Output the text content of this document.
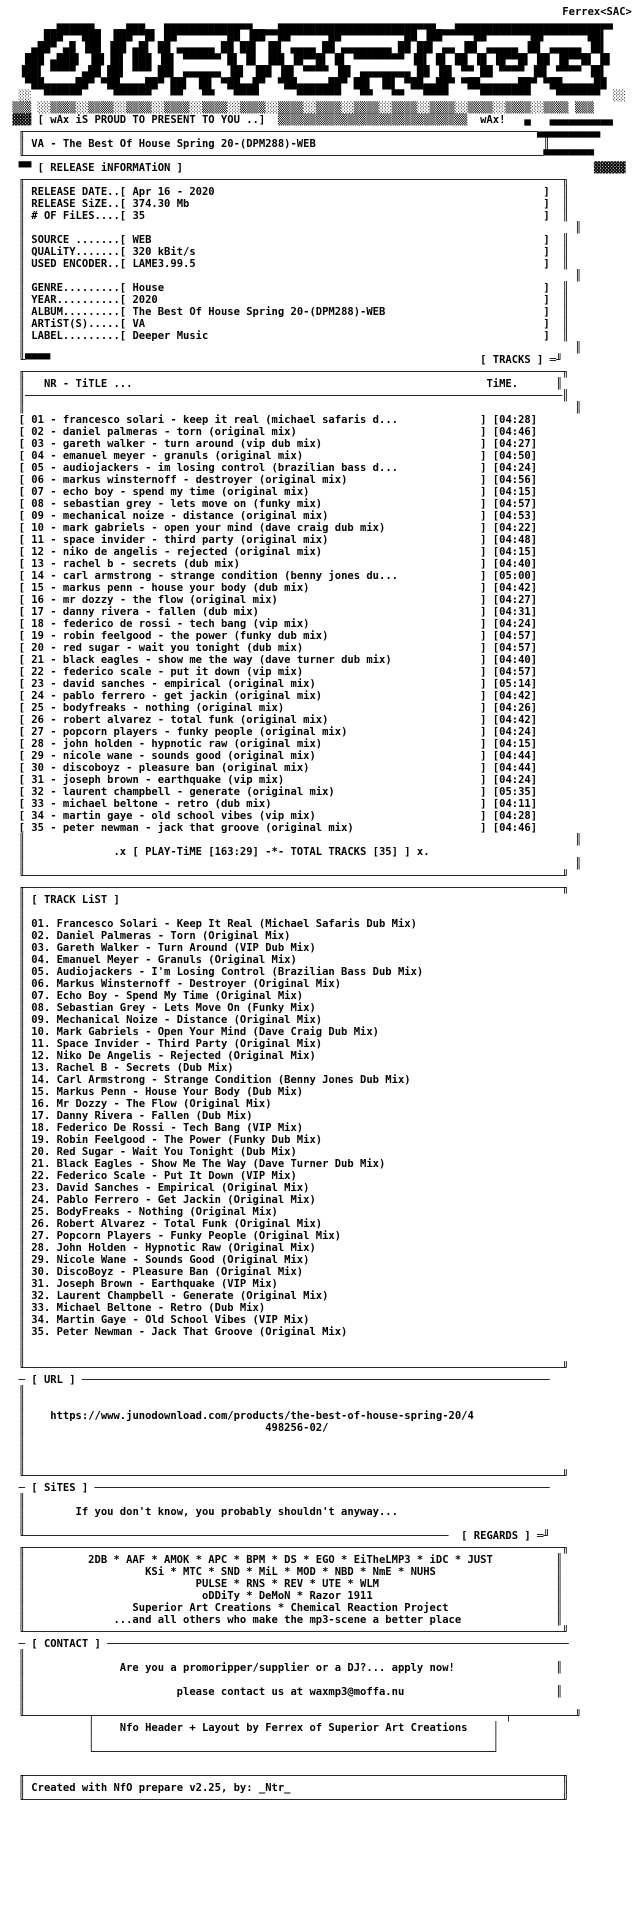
Ferrex<SAC>
▄▄▄▄▄▄     ▄▄▄   ▄▄▄▄▄▄▄▄▄▄▄▄▄▄    ▄▄▄▄▄▄▄▄▄▄▄▄▄▄▄▄▄▄▄▄▄▄▄▄▄   ▄▄▄▄▄▄▄▄▄▄▄▄▄▄▄▄▄▄▄▄▄▄▄▄▄
███▀▀▀███  ███▀▀█▌ ██▀▀▀▀▀▀▀▀██ ▐██▀▀██▀▀▀▀▀▀██▀▀▀▀▀▀▀▀▀▀██ ▐██▀▀▀▀▀██▀▀▀▀▀▀▀██▀▀▀▀▀▀▀██▌
▄██▀ ▄█ ▐██ ▐██ ▄█▌ ██ ▄▄▄▄▄▄ ██ ██▌ ▐█▌ ▄▄▄▄ ██ ▄▄▄▄▄▄▄▄ ██ ██▌ ▄▄ ▐█▌ ▄▄▄▄▄ ▐█▌ ▄▄▄▄▄ ▐█▌
███ ▄███▌ ▐█▌▐█▌ ███ ▐█▌ ▀▀▀▀▀▀ █▌ █▌ ▐██ ▐█▀▀█▌ █▌ ▀▀▀▀▀▀▀▀ ▐█▌ █▌ ██ ▐█ ▐█▀▀█▌ ██ ▐█▀▀█▌ █▌
▐██▌ ▀▀▀▀ ▄██ ██▌ ▀▀▀ ██▌ ▄▄▄▄▄▄ ▐█▌ ▐██ ▐█▌ ▀▀▀▀ ▐█▌ ▄▄▄▄▄▄▄▄ ██ ▐█▌ ▀▀ ██ ▀▀▀▀ ▐█▌ ▀▀▀▀ ▐█▌
▀██▄▄▄▄▄██▀ ▀██▄▄▄▄██▀ ██▌ ▐█▌ ▀██▄▄█▀  ▀██▄▄▄▄▄██▀ ██▌ ▐█▌ ▀██▄▄██▀ ▀██▄▄▄▄▄▄██▀ ▀██▄▄▄▄▄██
░░  ▀▀▀▀▀▀     ▀▀▀▀▀▀   ▀▀   ▀▀   ▀▀▀▀      ▀▀▀▀▀▀▀   ▀▀   ▀▀   ▀▀▀▀     ▀▀▀▀▀▀▀▀    ▀▀▀▀▀▀▀  ░░
▒▒▒ ░░▒▒▒▒░░▒▒▒▒░░▒▒▒▒░░▒▒▒▒░░▒▒▒▒░░▒▒▒▒░░▒▒▒▒░░▒▒▒▒░░▒▒▒▒░░▒▒▒▒░░▒▒▒▒░░▒▒▒▒░░▒▒▒▒░░▒▒▒▒ ▒▒▒
▓▓▓ [ wAx iS PROUD TO PRESENT TO YOU ..]  ▒▒▒▒▒▒▒▒▒▒▒▒▒▒▒▒▒▒▒▒▒▒▒▒▒▒▒▒▒▒  wAx!   ▄   ▄▄▄▄▄▄▄▄▄▄
╓─────────────────────────────────────────────────────────────────────────────────▄▄▄▄▄▄▄▄▄▄
║ VA - The Best Of House Spring 20-(DPM288)-WEB                                    ║
╙──────────────────────────────────────────────────────────────────────────────────▀▀▀▀▀▀▀▀
▀▀ [ RELEASE iNFORMATiON ]                                                                 ▓▓▓▓▓
╓─────────────────────────────────────────────────────────────────────────────────────╖
║ RELEASE DATE..[ Apr 16 - 2020                                                    ]  ║
║ RELEASE SiZE..[ 374.30 Mb                                                        ]  ║
║ # OF FiLES....[ 35                                                               ]  ║
║                                                                                       ║
║ SOURCE .......[ WEB                                                              ]  ║
║ QUALiTY.......[ 320 kBit/s                                                       ]  ║
║ USED ENCODER..[ LAME3.99.5                                                       ]  ║
║                                                                                       ║
║ GENRE.........[ House                                                            ]  ║
║ YEAR..........[ 2020                                                             ]  ║
║ ALBUM.........[ The Best Of House Spring 20-(DPM288)-WEB                         ]  ║
║ ARTiST(S).....[ VA                                                               ]  ║
║ LABEL.........[ Deeper Music                                                     ]  ║
║                                                                                       ║
╙▀▀▀▀                                                                    [ TRACKS ] ═╜
╓─────────────────────────────────────────────────────────────────────────────────────╖
║   NR - TiTLE ...                                                        TiME.      ║
║─────────────────────────────────────────────────────────────────────────────────────║
║                                                                                       ║
[ 01 - francesco solari - keep it real (michael safaris d...             ] [04:28]
[ 02 - daniel palmeras - torn (original mix)                             ] [04:46]
[ 03 - gareth walker - turn around (vip dub mix)                         ] [04:27]
[ 04 - emanuel meyer - granuls (original mix)                            ] [04:50]
[ 05 - audiojackers - im losing control (brazilian bass d...             ] [04:24]
[ 06 - markus winsternoff - destroyer (original mix)                     ] [04:56]
[ 07 - echo boy - spend my time (original mix)                           ] [04:15]
[ 08 - sebastian grey - lets move on (funky mix)                         ] [04:57]
[ 09 - mechanical noize - distance (original mix)                        ] [04:53]
[ 10 - mark gabriels - open your mind (dave craig dub mix)               ] [04:22]
[ 11 - space invider - third party (original mix)                        ] [04:48]
[ 12 - niko de angelis - rejected (original mix)                         ] [04:15]
[ 13 - rachel b - secrets (dub mix)                                      ] [04:40]
[ 14 - carl armstrong - strange condition (benny jones du...             ] [05:00]
[ 15 - markus penn - house your body (dub mix)                           ] [04:42]
[ 16 - mr dozzy - the flow (original mix)                                ] [04:27]
[ 17 - danny rivera - fallen (dub mix)                                   ] [04:31]
[ 18 - federico de rossi - tech bang (vip mix)                           ] [04:24]
[ 19 - robin feelgood - the power (funky dub mix)                        ] [04:57]
[ 20 - red sugar - wait you tonight (dub mix)                            ] [04:57]
[ 21 - black eagles - show me the way (dave turner dub mix)              ] [04:40]
[ 22 - federico scale - put it down (vip mix)                            ] [04:57]
[ 23 - david sanches - empirical (original mix)                          ] [05:14]
[ 24 - pablo ferrero - get jackin (original mix)                         ] [04:42]
[ 25 - bodyfreaks - nothing (original mix)                               ] [04:26]
[ 26 - robert alvarez - total funk (original mix)                        ] [04:42]
[ 27 - popcorn players - funky people (original mix)                     ] [04:24]
[ 28 - john holden - hypnotic raw (original mix)                         ] [04:15]
[ 29 - nicole wane - sounds good (original mix)                          ] [04:44]
[ 30 - discoboyz - pleasure ban (original mix)                           ] [04:44]
[ 31 - joseph brown - earthquake (vip mix)                               ] [04:24]
[ 32 - laurent champbell - generate (original mix)                       ] [05:35]
[ 33 - michael beltone - retro (dub mix)                                 ] [04:11]
[ 34 - martin gaye - old school vibes (vip mix)                          ] [04:28]
[ 35 - peter newman - jack that groove (original mix)                    ] [04:46]
║                                                                                       ║
║              .x [ PLAY-TiME [163:29] -*- TOTAL TRACKS [35] ] x.
║                                                                                       ║
╙─────────────────────────────────────────────────────────────────────────────────────╜
╓─────────────────────────────────────────────────────────────────────────────────────╖
║ [ TRACK LiST ]
║
║ 01. Francesco Solari - Keep It Real (Michael Safaris Dub Mix)
║ 02. Daniel Palmeras - Torn (Original Mix)
║ 03. Gareth Walker - Turn Around (VIP Dub Mix)
║ 04. Emanuel Meyer - Granuls (Original Mix)
║ 05. Audiojackers - I'm Losing Control (Brazilian Bass Dub Mix)
║ 06. Markus Winsternoff - Destroyer (Original Mix)
║ 07. Echo Boy - Spend My Time (Original Mix)
║ 08. Sebastian Grey - Lets Move On (Funky Mix)
║ 09. Mechanical Noize - Distance (Original Mix)
║ 10. Mark Gabriels - Open Your Mind (Dave Craig Dub Mix)
║ 11. Space Invider - Third Party (Original Mix)
║ 12. Niko De Angelis - Rejected (Original Mix)
║ 13. Rachel B - Secrets (Dub Mix)
║ 14. Carl Armstrong - Strange Condition (Benny Jones Dub Mix)
║ 15. Markus Penn - House Your Body (Dub Mix)
║ 16. Mr Dozzy - The Flow (Original Mix)
║ 17. Danny Rivera - Fallen (Dub Mix)
║ 18. Federico De Rossi - Tech Bang (VIP Mix)
║ 19. Robin Feelgood - The Power (Funky Dub Mix)
║ 20. Red Sugar - Wait You Tonight (Dub Mix)
║ 21. Black Eagles - Show Me The Way (Dave Turner Dub Mix)
║ 22. Federico Scale - Put It Down (VIP Mix)
║ 23. David Sanches - Empirical (Original Mix)
║ 24. Pablo Ferrero - Get Jackin (Original Mix)
║ 25. BodyFreaks - Nothing (Original Mix)
║ 26. Robert Alvarez - Total Funk (Original Mix)
║ 27. Popcorn Players - Funky People (Original Mix)
║ 28. John Holden - Hypnotic Raw (Original Mix)
║ 29. Nicole Wane - Sounds Good (Original Mix)
║ 30. DiscoBoyz - Pleasure Ban (Original Mix)
║ 31. Joseph Brown - Earthquake (VIP Mix)
║ 32. Laurent Champbell - Generate (Original Mix)
║ 33. Michael Beltone - Retro (Dub Mix)
║ 34. Martin Gaye - Old School Vibes (VIP Mix)
║ 35. Peter Newman - Jack That Groove (Original Mix)
║
║
╙─────────────────────────────────────────────────────────────────────────────────────╜
─ [ URL ] ──────────────────────────────────────────────────────────────────────────
║
║
║    https://www.junodownload.com/products/the-best-of-house-spring-20/4
║                                      498256-02/
║
║
║
╙─────────────────────────────────────────────────────────────────────────────────────╜
─ [ SiTES ] ────────────────────────────────────────────────────────────────────────
║
║        If you don't know, you probably shouldn't anyway...
║
╙───────────────────────────────────────────────────────────────────  [ REGARDS ] ═╜
╓─────────────────────────────────────────────────────────────────────────────────────╖
║          2DB * AAF * AMOK * APC * BPM * DS * EGO * EiTheLMP3 * iDC * JUST          ║
║                   KSi * MTC * SND * MiL * MOD * NBD * NmE * NUHS                   ║
║                           PULSE * RNS * REV * UTE * WLM                            ║
║                            oDDiTy * DeMoN * Razor 1911                             ║
║                 Superior Art Creations * Chemical Reaction Project                 ║
║              ...and all others who make the mp3-scene a better place               ║
╙─────────────────────────────────────────────────────────────────────────────────────╜
─ [ CONTACT ] ─────────────────────────────────────────────────────────────────────────
║
║               Are you a promoripper/supplier or a DJ?... apply now!                ║
║
║                        please contact us at waxmp3@moffa.nu                        ║
║
╙──────────┬─────────────────────────────────────────────────────────────────┬──────────╜
│    Nfo Header + Layout by Ferrex of Superior Art Creations    │
│                                                               │
└───────────────────────────────────────────────────────────────┘
╓─────────────────────────────────────────────────────────────────────────────────────╖
║ Created with NfO prepare v2.25, by: _Ntr_                                           ║
╙─────────────────────────────────────────────────────────────────────────────────────╜
